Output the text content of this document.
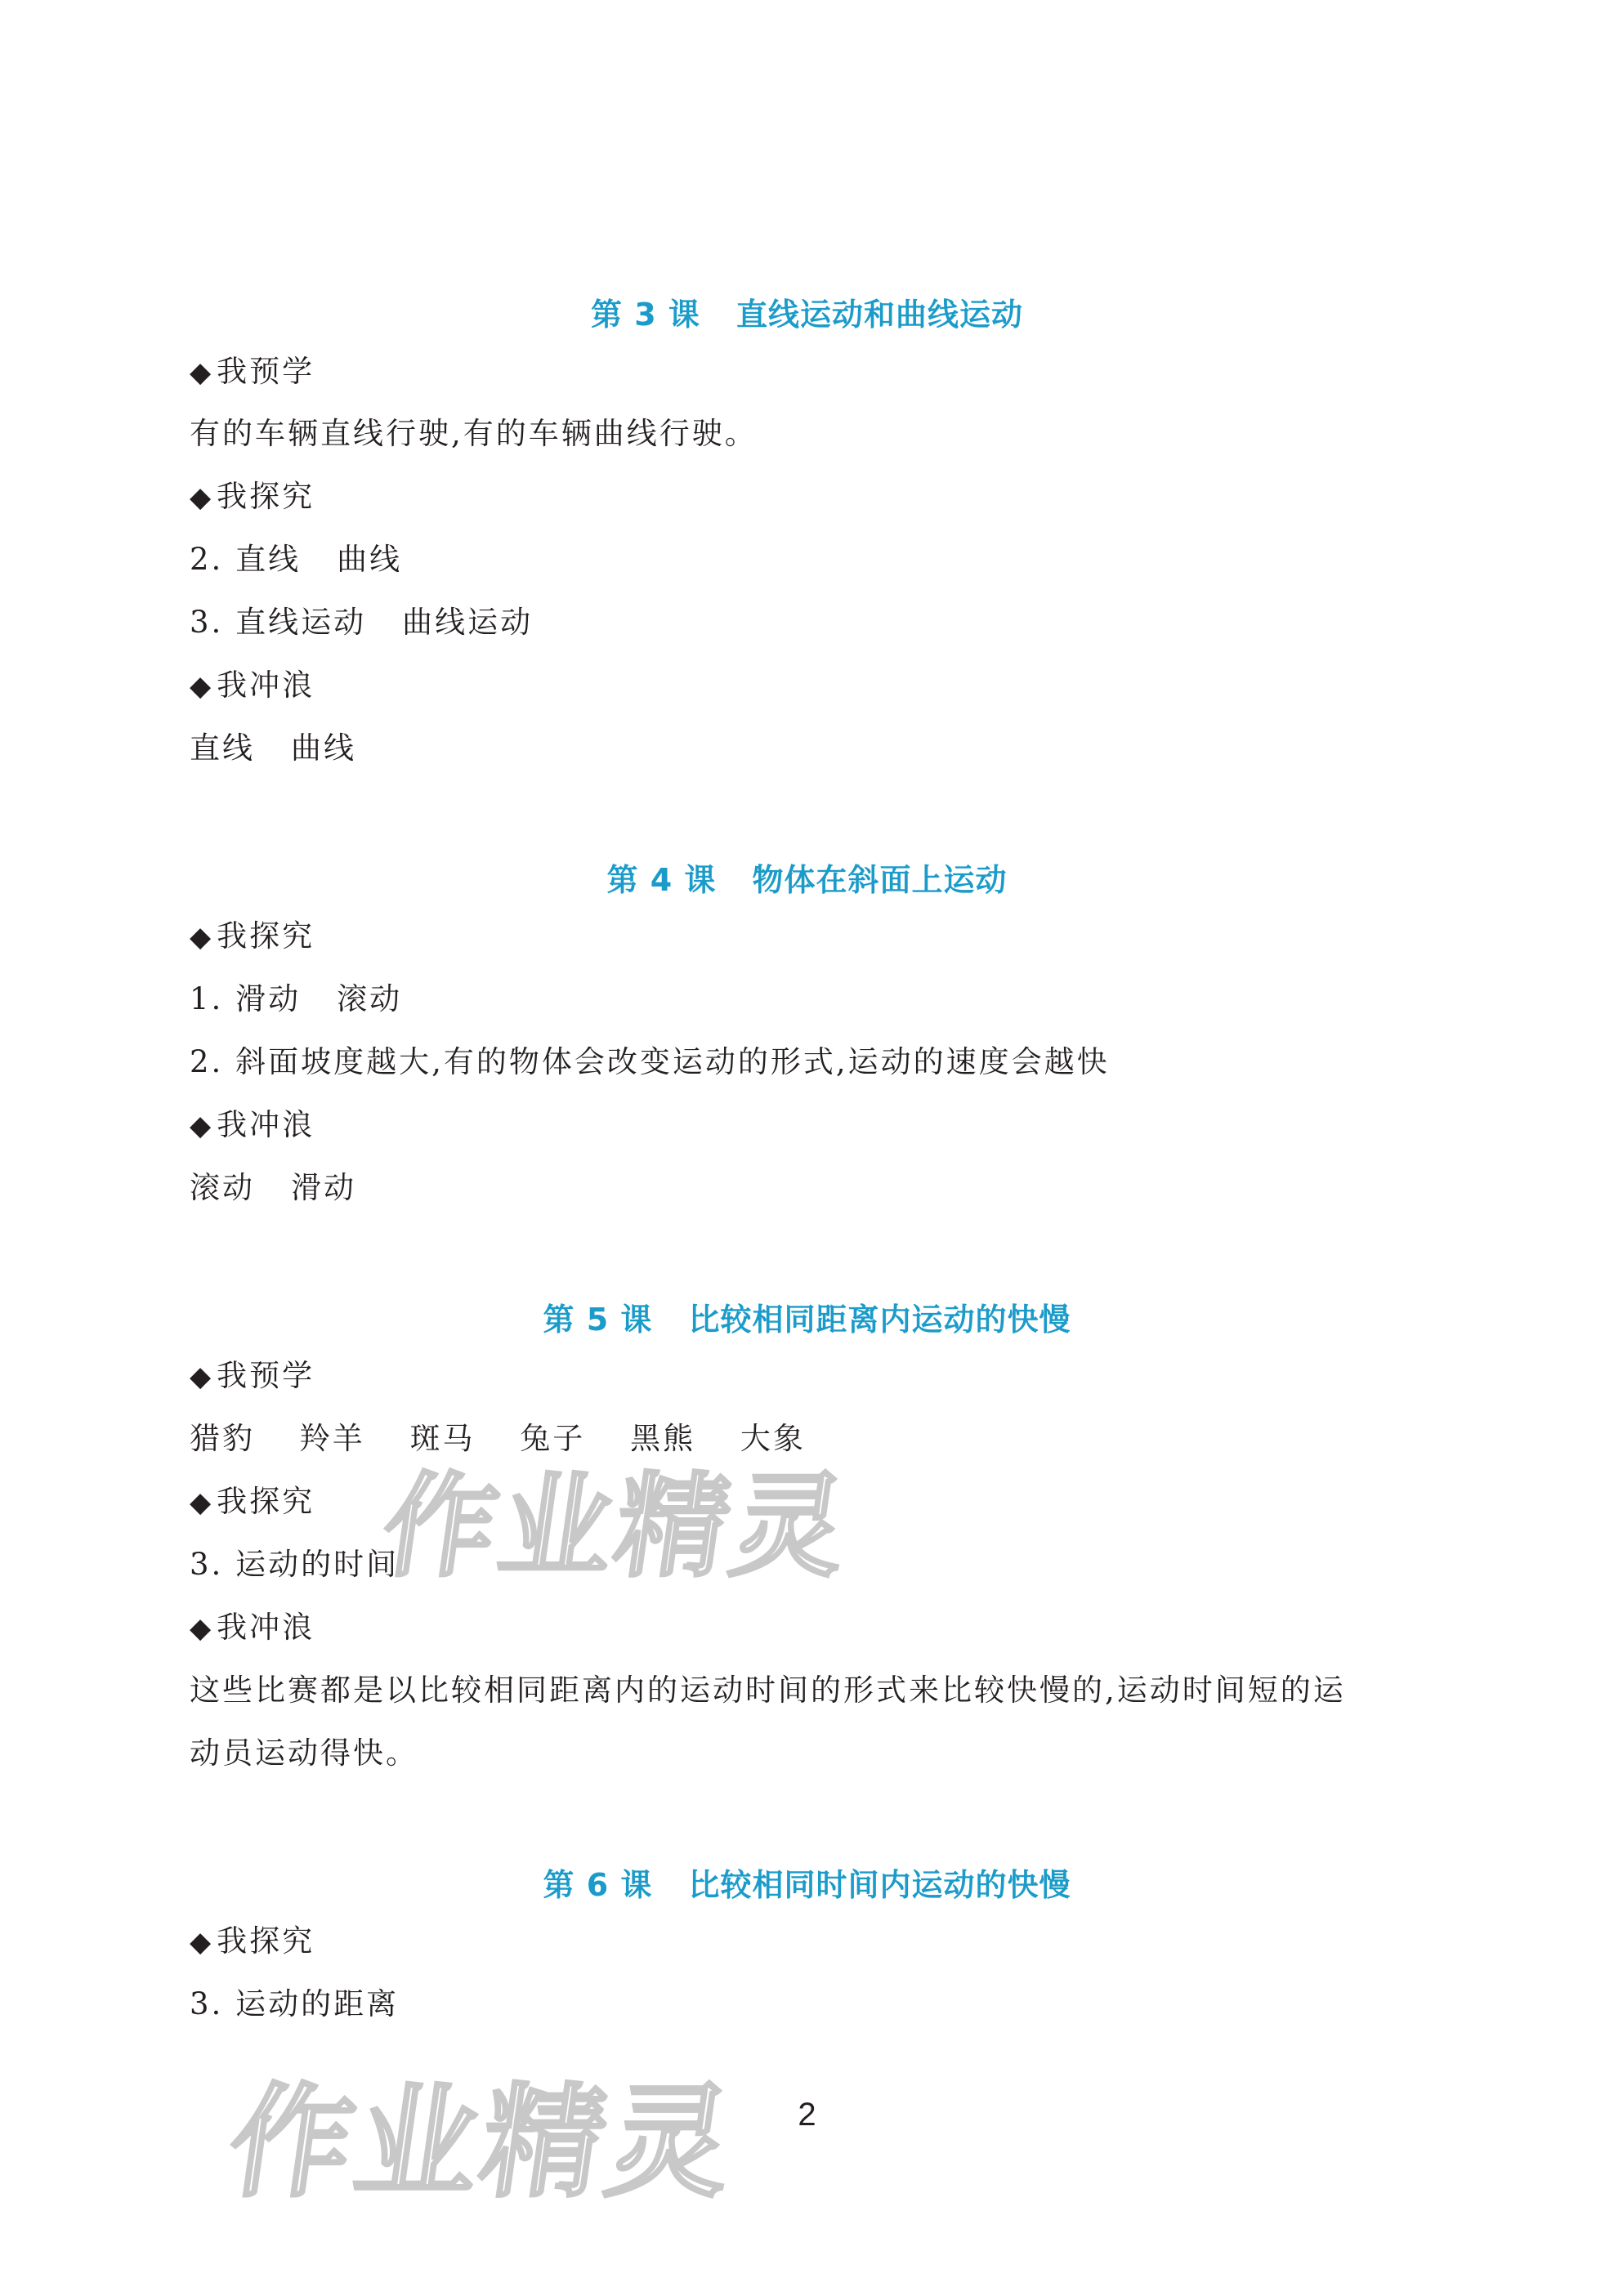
第 3 课 直线运动和曲线运动
◆ 我预学
有的车辆直线行驶,有的车辆曲线行驶。
◆ 我探究
2. 直线 曲线
3. 直线运动 曲线运动
◆ 我冲浪
直线 曲线
第 4 课 物体在斜面上运动
◆ 我探究
1. 滑动 滚动
2. 斜面坡度越大,有的物体会改变运动的形式,运动的速度会越快
◆ 我冲浪
滚动 滑动
第 5 课 比较相同距离内运动的快慢
◆ 我预学
猎豹 羚羊 斑马 兔子 黑熊 大象
◆ 我探究
3. 运动的时间
◆ 我冲浪
这些比赛都是以比较相同距离内的运动时间的形式来比较快慢的,运动时间短的运
动员运动得快。
第 6 课 比较相同时间内运动的快慢
◆ 我探究
3. 运动的距离
作业精灵
作业精灵	2
